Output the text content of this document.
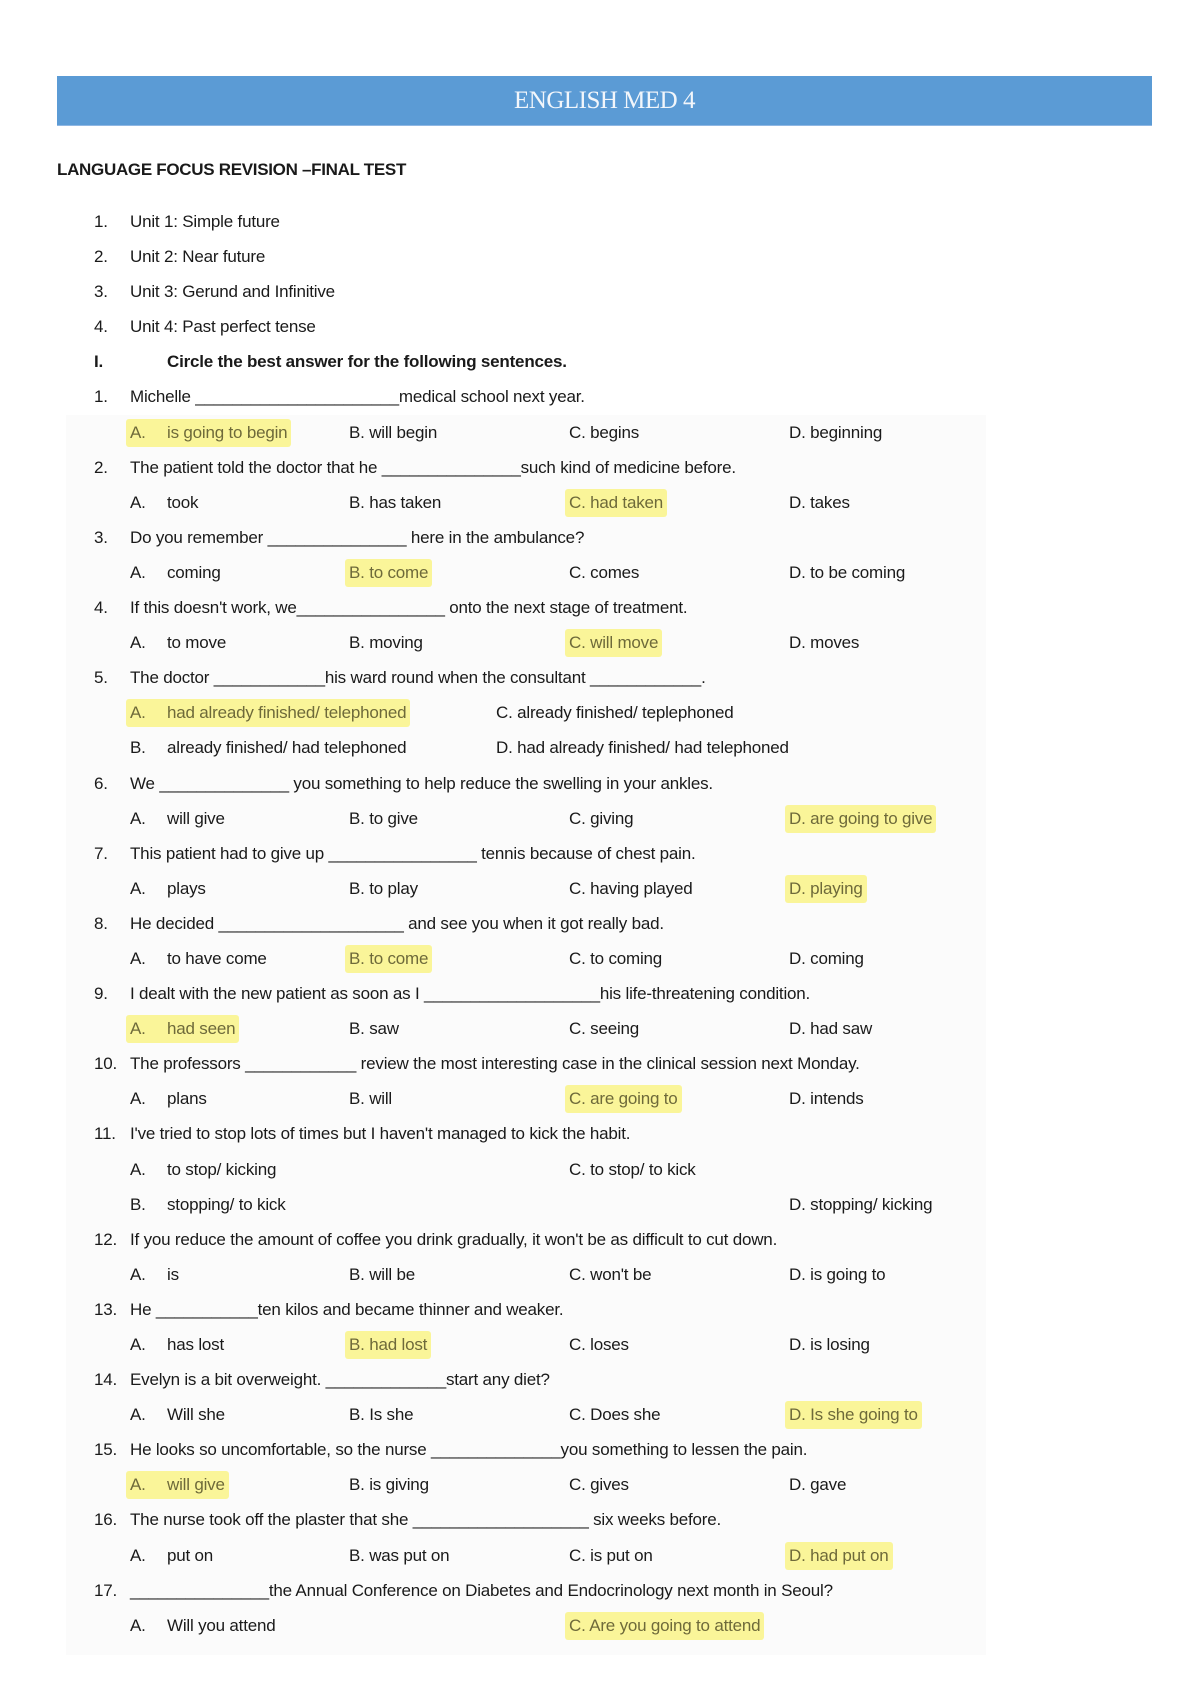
ENGLISH MED 4
LANGUAGE FOCUS REVISION –FINAL TEST
1. Unit 1: Simple future
2. Unit 2: Near future
3. Unit 3: Gerund and Infinitive
4. Unit 4: Past perfect tense
I.	Circle the best answer for the following sentences.
1. Michelle ______________________medical school next year.
A. is going to begin	B. will begin	C. begins	D. beginning
2. The patient told the doctor that he _______________such kind of medicine before.
A. took	B. has taken	C. had taken	D. takes
3. Do you remember _______________ here in the ambulance?
A. coming	B. to come	C. comes	D. to be coming
4. If this doesn't work, we________________ onto the next stage of treatment.
A. to move	B. moving	C. will move	D. moves
5. The doctor ____________his ward round when the consultant ____________.
A. had already finished/ telephoned	C. already finished/ teplephoned
B. already finished/ had telephoned	D. had already finished/ had telephoned
6. We ______________ you something to help reduce the swelling in your ankles.
A. will give	B. to give	C. giving	D. are going to give
7. This patient had to give up ________________ tennis because of chest pain.
A. plays	B. to play	C. having played	D. playing
8. He decided ____________________ and see you when it got really bad.
A. to have come	B. to come	C. to coming	D. coming
9. I dealt with the new patient as soon as I ___________________his life-threatening condition.
A. had seen	B. saw	C. seeing	D. had saw
10. The professors ____________ review the most interesting case in the clinical session next Monday.
A. plans	B. will	C. are going to	D. intends
11. I've tried to stop lots of times but I haven't managed to kick the habit.
A. to stop/ kicking	C. to stop/ to kick
B. stopping/ to kick	D. stopping/ kicking
12. If you reduce the amount of coffee you drink gradually, it won't be as difficult to cut down.
A. is	B. will be	C. won't be	D. is going to
13. He ___________ten kilos and became thinner and weaker.
A. has lost	B. had lost	C. loses	D. is losing
14. Evelyn is a bit overweight. _____________start any diet?
A. Will she	B. Is she	C. Does she	D. Is she going to
15. He looks so uncomfortable, so the nurse ______________you something to lessen the pain.
A. will give	B. is giving	C. gives	D. gave
16. The nurse took off the plaster that she ___________________ six weeks before.
A. put on	B. was put on	C. is put on	D. had put on
17. _______________the Annual Conference on Diabetes and Endocrinology next month in Seoul?
A. Will you attend	C. Are you going to attend
